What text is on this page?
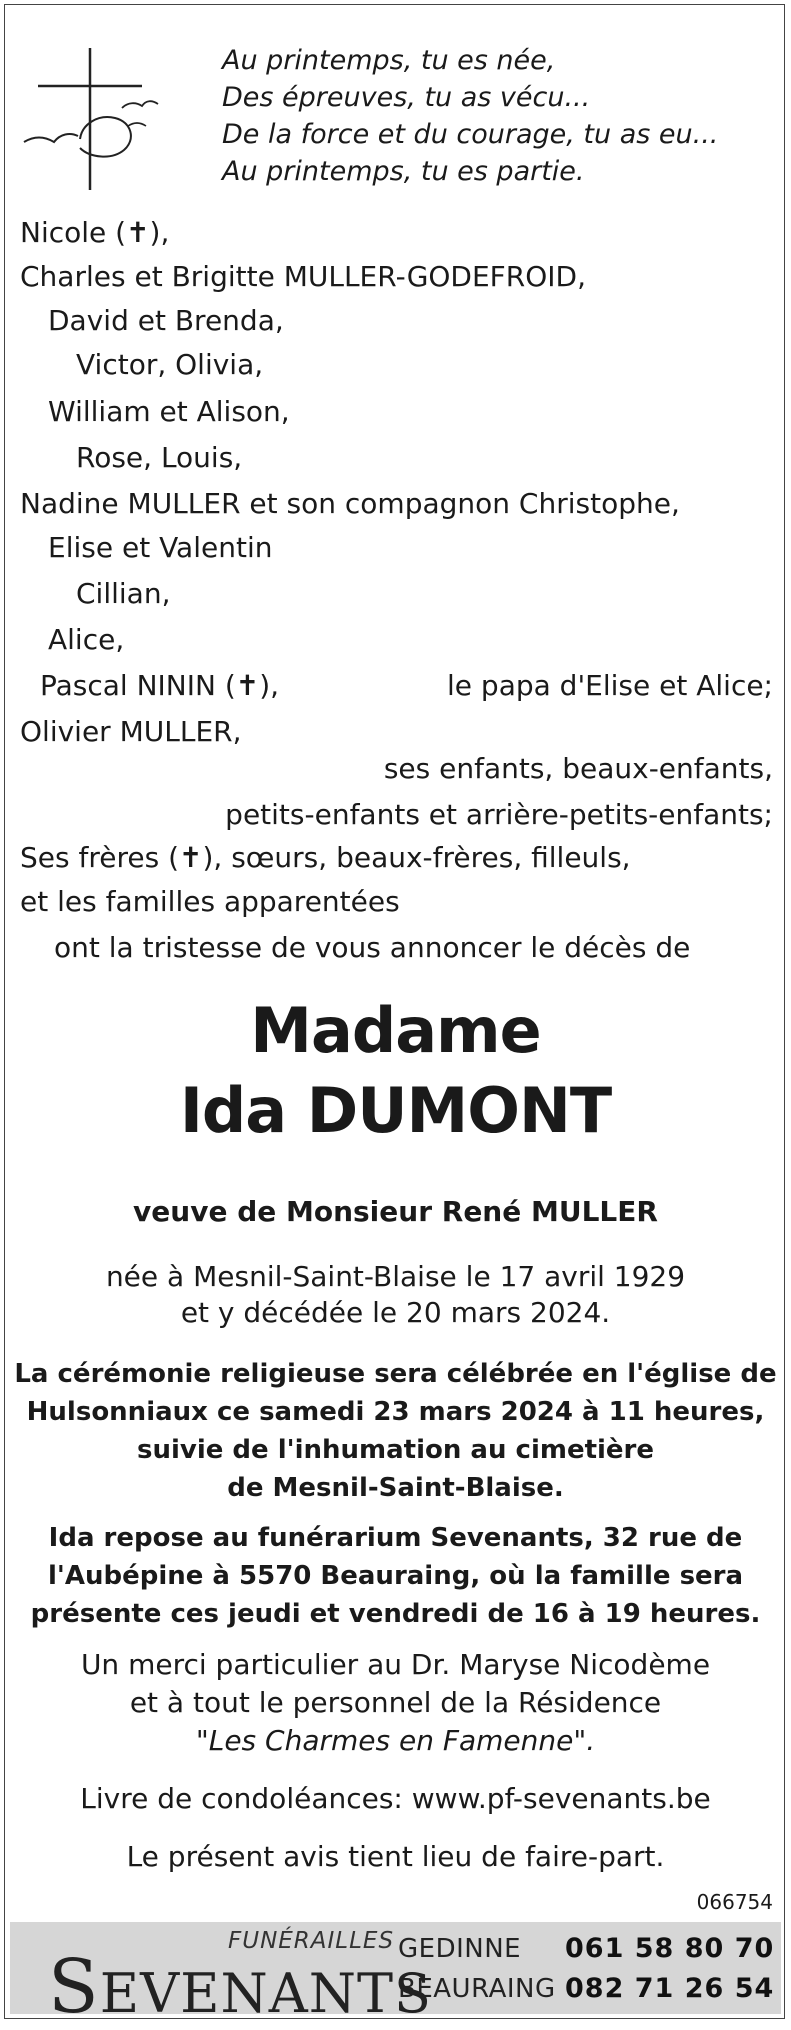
Au printemps, tu es née,
Des épreuves, tu as vécu...
De la force et du courage, tu as eu...
Au printemps, tu es partie.
Nicole (✝),
Charles et Brigitte MULLER-GODEFROID,
David et Brenda,
Victor, Olivia,
William et Alison,
Rose, Louis,
Nadine MULLER et son compagnon Christophe,
Elise et Valentin
Cillian,
Alice,
Pascal NININ (✝),	le papa d'Elise et Alice;
Olivier MULLER,
ses enfants, beaux-enfants,
petits-enfants et arrière-petits-enfants;
Ses frères (✝), sœurs, beaux-frères, filleuls,
et les familles apparentées
ont la tristesse de vous annoncer le décès de
Madame
Ida DUMONT
veuve de Monsieur René MULLER
née à Mesnil-Saint-Blaise le 17 avril 1929
et y décédée le 20 mars 2024.
La cérémonie religieuse sera célébrée en l'église de
Hulsonniaux ce samedi 23 mars 2024 à 11 heures,
suivie de l'inhumation au cimetière
de Mesnil-Saint-Blaise.
Ida repose au funérarium Sevenants, 32 rue de
l'Aubépine à 5570 Beauraing, où la famille sera
présente ces jeudi et vendredi de 16 à 19 heures.
Un merci particulier au Dr. Maryse Nicodème
et à tout le personnel de la Résidence
"Les Charmes en Famenne".
Livre de condoléances: www.pf-sevenants.be
Le présent avis tient lieu de faire-part.
066754
FUNÉRAILLES
SEVENANTS
GEDINNE 061 58 80 70
BEAURAING 082 71 26 54
